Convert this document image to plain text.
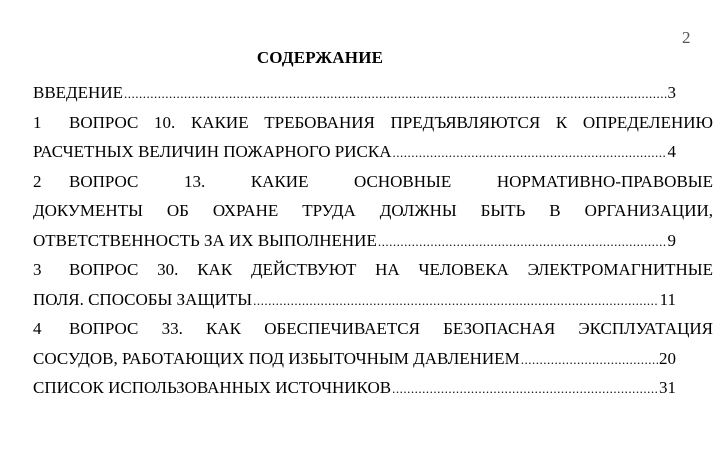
2
СОДЕРЖАНИЕ
ВВЕДЕНИЕ .....	3
1 ВОПРОС 10. КАКИЕ ТРЕБОВАНИЯ ПРЕДЪЯВЛЯЮТСЯ К ОПРЕДЕЛЕНИЮ
РАСЧЕТНЫХ ВЕЛИЧИН ПОЖАРНОГО РИСКА .....	4
2 ВОПРОС 13. КАКИЕ ОСНОВНЫЕ НОРМАТИВНО-ПРАВОВЫЕ
ДОКУМЕНТЫ ОБ ОХРАНЕ ТРУДА ДОЛЖНЫ БЫТЬ В ОРГАНИЗАЦИИ,
ОТВЕТСТВЕННОСТЬ ЗА ИХ ВЫПОЛНЕНИЕ .....	9
3 ВОПРОС 30. КАК ДЕЙСТВУЮТ НА ЧЕЛОВЕКА ЭЛЕКТРОМАГНИТНЫЕ
ПОЛЯ. СПОСОБЫ ЗАЩИТЫ .....	11
4 ВОПРОС 33. КАК ОБЕСПЕЧИВАЕТСЯ БЕЗОПАСНАЯ ЭКСПЛУАТАЦИЯ
СОСУДОВ, РАБОТАЮЩИХ ПОД ИЗБЫТОЧНЫМ ДАВЛЕНИЕМ .....	20
СПИСОК ИСПОЛЬЗОВАННЫХ ИСТОЧНИКОВ .....	31
